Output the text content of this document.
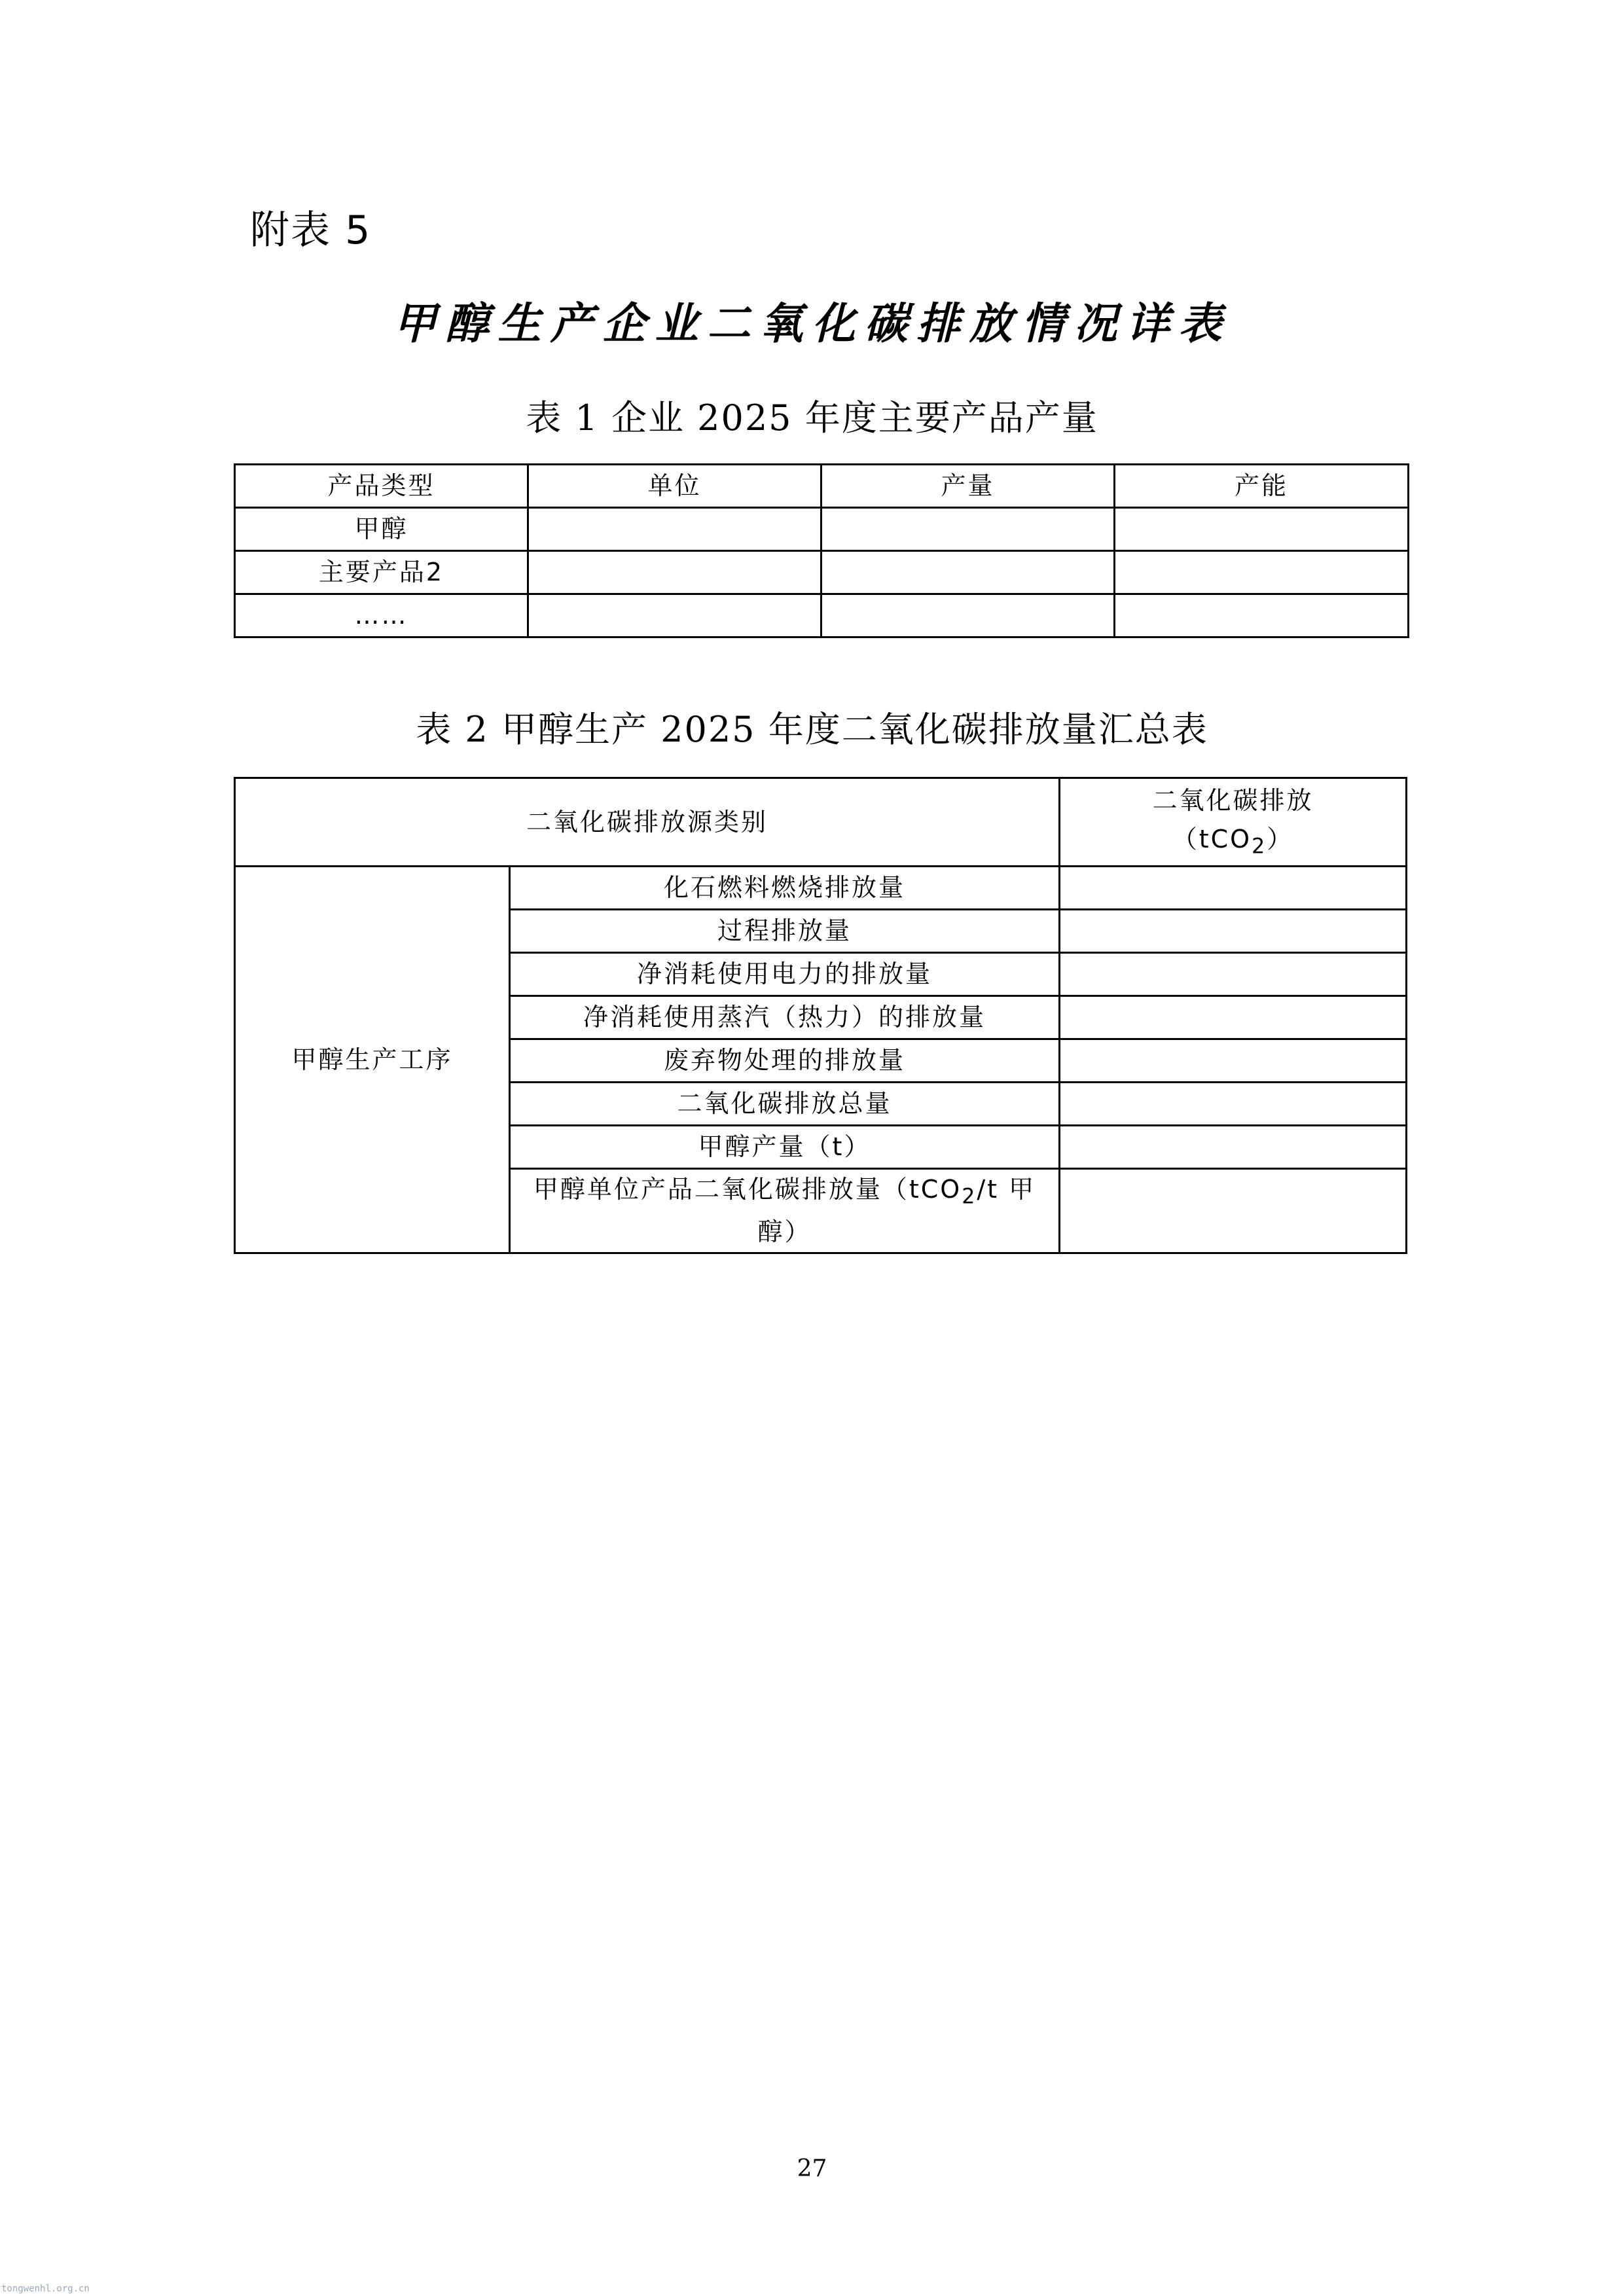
附表 5
甲醇生产企业二氧化碳排放情况详表
表 1 企业 2025 年度主要产品产量
产品类型	单位	产量	产能
甲醇			
主要产品2			
……			
表 2 甲醇生产 2025 年度二氧化碳排放量汇总表
二氧化碳排放源类别		二氧化碳排放
（tCO$_2$）
甲醇生产工序	化石燃料燃烧排放量	
	过程排放量	
	净消耗使用电力的排放量	
	净消耗使用蒸汽（热力）的排放量	
	废弃物处理的排放量	
	二氧化碳排放总量	
	甲醇产量（t）	
	甲醇单位产品二氧化碳排放量（tCO$_2$/t 甲醇）	
27
tongwenhl.org.cn
